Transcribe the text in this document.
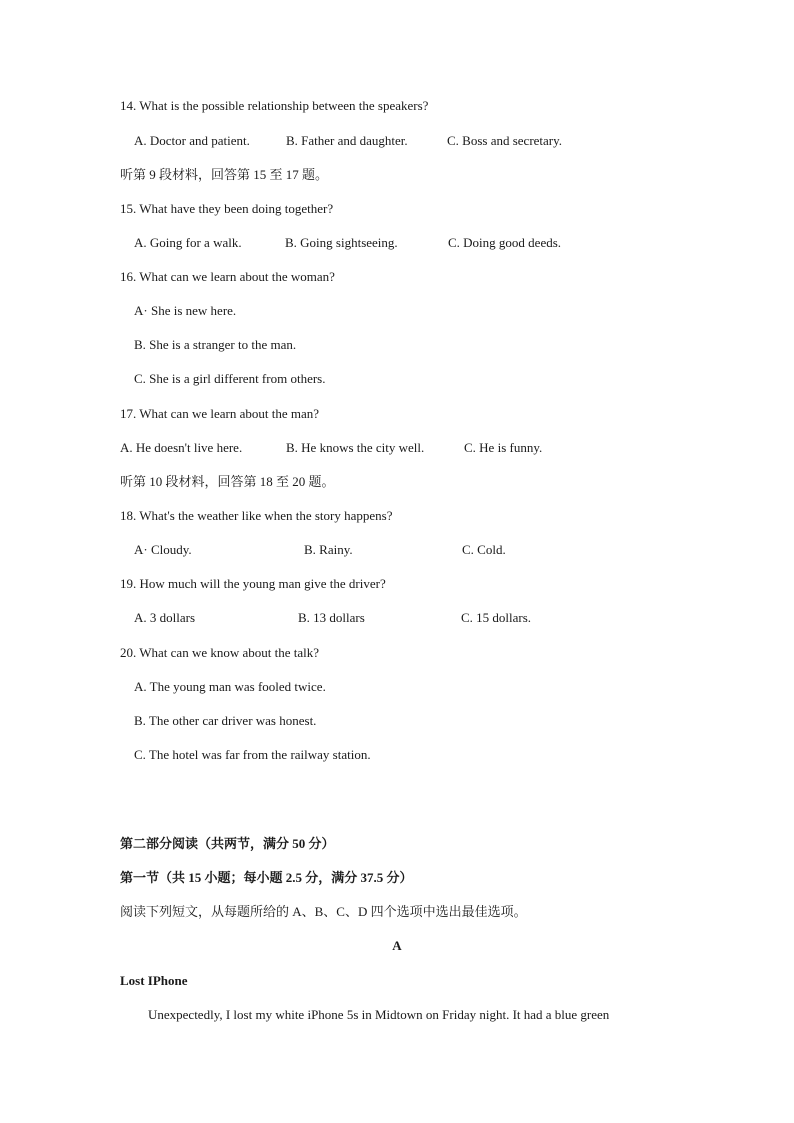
14. What is the possible relationship between the speakers?
A. Doctor and patient.	B. Father and daughter.	C. Boss and secretary.
听第 9 段材料，回答第 15 至 17 题。
15. What have they been doing together?
A. Going for a walk.	B. Going sightseeing.	C. Doing good deeds.
16. What can we learn about the woman?
A· She is new here.
B. She is a stranger to the man.
C. She is a girl different from others.
17. What can we learn about the man?
A. He doesn't live here.	B. He knows the city well.	C. He is funny.
听第 10 段材料，回答第 18 至 20 题。
18. What's the weather like when the story happens?
A· Cloudy.	B. Rainy.	C. Cold.
19. How much will the young man give the driver?
A. 3 dollars	B. 13 dollars	C. 15 dollars.
20. What can we know about the talk?
A. The young man was fooled twice.
B. The other car driver was honest.
C. The hotel was far from the railway station.
第二部分阅读（共两节，满分 50 分）
第一节（共 15 小题；每小题 2.5 分，满分 37.5 分）
阅读下列短文，从每题所给的 A、B、C、D 四个选项中选出最佳选项。
A
Lost IPhone
Unexpectedly, I lost my white iPhone 5s in Midtown on Friday night. It had a blue green
